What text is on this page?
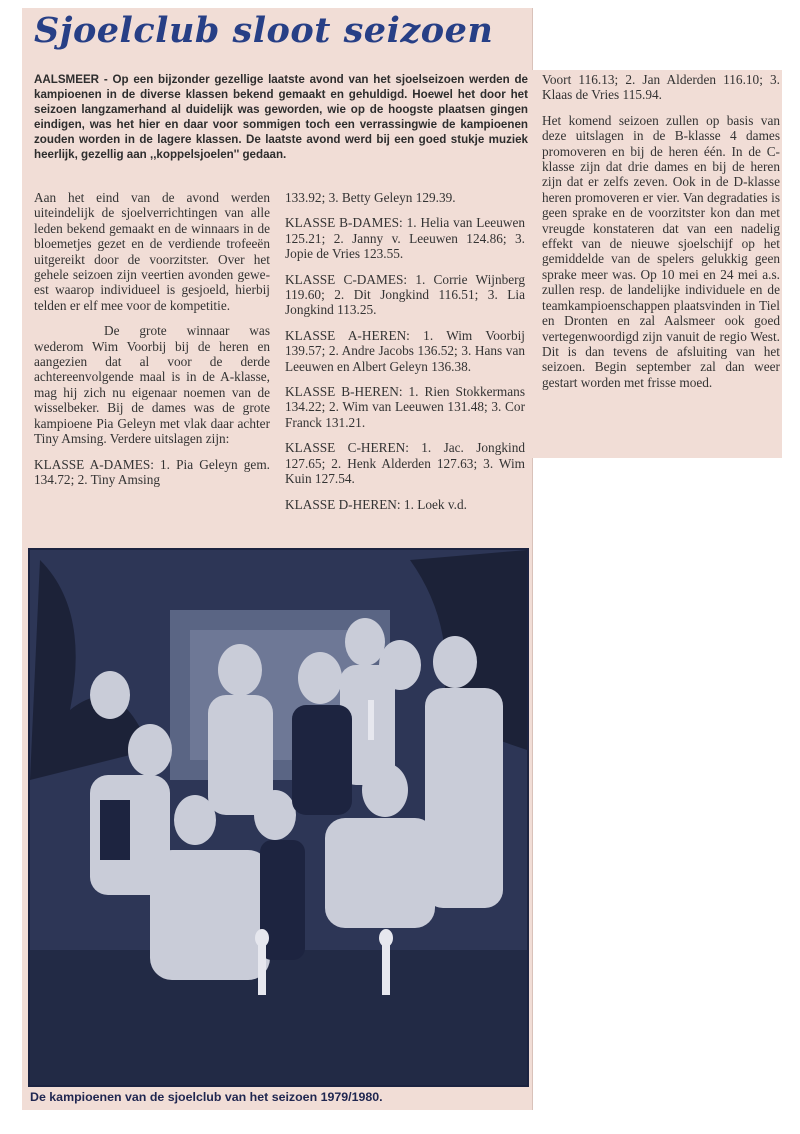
Sjoelclub sloot seizoen

AALSMEER - Op een bijzonder gezellige laatste avond van het sjoelseizoen werden de kampioenen in de diverse klassen bekend gemaakt en gehuldigd. Hoewel het door het seizoen langzamerhand al duidelijk was geworden, wie op de hoogste plaatsen gingen eindigen, was het hier en daar voor sommigen toch een verrassingwie de kampioenen zouden worden in de lagere klassen. De laatste avond werd bij een goed stukje muziek heerlijk, gezellig aan ,,koppelsjoelen'' gedaan.

Aan het eind van de avond werden uiteindelijk de sjoelverrichtingen van alle leden bekend gemaakt en de winnaars in de bloemetjes gezet en de verdiende trofeeën uitgereikt door de voorzitster. Over het gehele seizoen zijn veertien avonden geweest waarop individueel is gesjoeld, hierbij telden er elf mee voor de kompetitie.

De grote winnaar was wederom Wim Voorbij bij de heren en aangezien dat al voor de derde achtereenvolgende maal is in de A-klasse, mag hij zich nu eigenaar noemen van de wisselbeker. Bij de dames was de grote kampioene Pia Geleyn met vlak daar achter Tiny Amsing. Verdere uitslagen zijn:

KLASSE A-DAMES: 1. Pia Geleyn gem. 134.72; 2. Tiny Amsing

133.92; 3. Betty Geleyn 129.39.

KLASSE B-DAMES: 1. Helia van Leeuwen 125.21; 2. Janny v. Leeuwen 124.86; 3. Jopie de Vries 123.55.

KLASSE C-DAMES: 1. Corrie Wijnberg 119.60; 2. Dit Jongkind 116.51; 3. Lia Jongkind 113.25.

KLASSE A-HEREN: 1. Wim Voorbij 139.57; 2. Andre Jacobs 136.52; 3. Hans van Leeuwen en Albert Geleyn 136.38.

KLASSE B-HEREN: 1. Rien Stokkermans 134.22; 2. Wim van Leeuwen 131.48; 3. Cor Franck 131.21.

KLASSE C-HEREN: 1. Jac. Jongkind 127.65; 2. Henk Alderden 127.63; 3. Wim Kuin 127.54.

KLASSE D-HEREN: 1. Loek v.d.

Voort 116.13; 2. Jan Alderden 116.10; 3. Klaas de Vries 115.94.

Het komend seizoen zullen op basis van deze uitslagen in de B-klasse 4 dames promoveren en bij de heren één. In de C-klasse zijn dat drie dames en bij de heren zijn dat er zelfs zeven. Ook in de D-klasse heren promoveren er vier. Van degradaties is geen sprake en de voorzitster kon dan met vreugde konstateren dat van een nadelig effekt van de nieuwe sjoelschijf op het gemiddelde van de spelers gelukkig geen sprake meer was. Op 10 mei en 24 mei a.s. zullen resp. de landelijke individuele en de teamkampioenschappen plaatsvinden in Tiel en Dronten en zal Aalsmeer ook goed vertegenwoordigd zijn vanuit de regio West. Dit is dan tevens de afsluiting van het seizoen. Begin september zal dan weer gestart worden met frisse moed.

De kampioenen van de sjoelclub van het seizoen 1979/1980.
